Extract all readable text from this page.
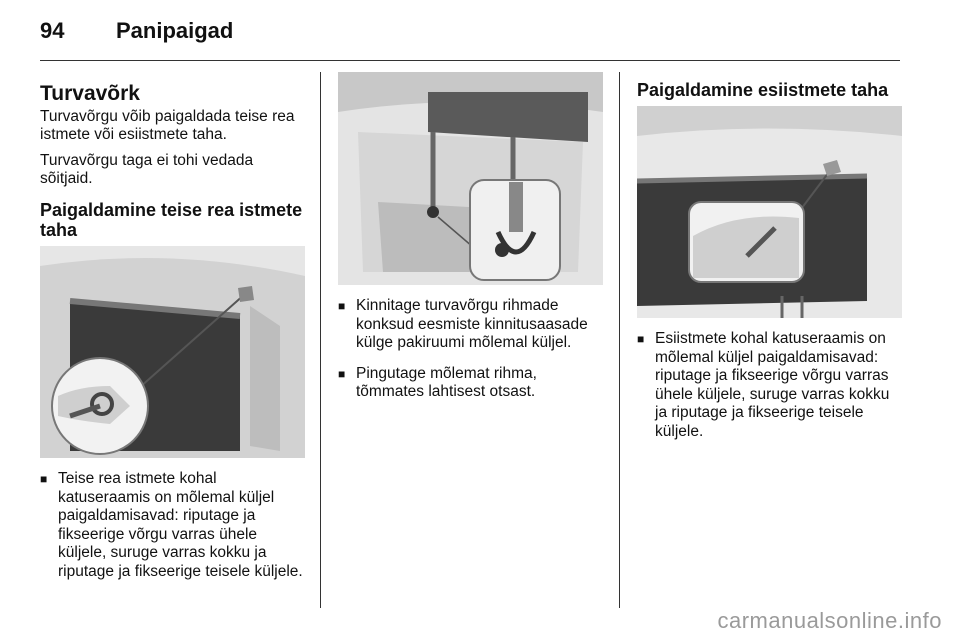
94 Panipaigad
Turvavõrk

Turvavõrgu võib paigaldada teise rea istmete või esiistmete taha.

Turvavõrgu taga ei tohi vedada sõitjaid.

Paigaldamine teise rea istmete taha
■ Teise rea istmete kohal katuseraamis on mõlemal küljel paigaldamisavad: riputage ja fikseerige võrgu varras ühele küljele, suruge varras kokku ja riputage ja fikseerige teisele küljele.
■ Kinnitage turvavõrgu rihmade konksud eesmiste kinnitusaasade külge pakiruumi mõlemal küljel.
■ Pingutage mõlemat rihma, tõmmates lahtisest otsast.
Paigaldamine esiistmete taha
■ Esiistmete kohal katuseraamis on mõlemal küljel paigaldamisavad: riputage ja fikseerige võrgu varras ühele küljele, suruge varras kokku ja riputage ja fikseerige teisele küljele.
carmanualsonline.info
